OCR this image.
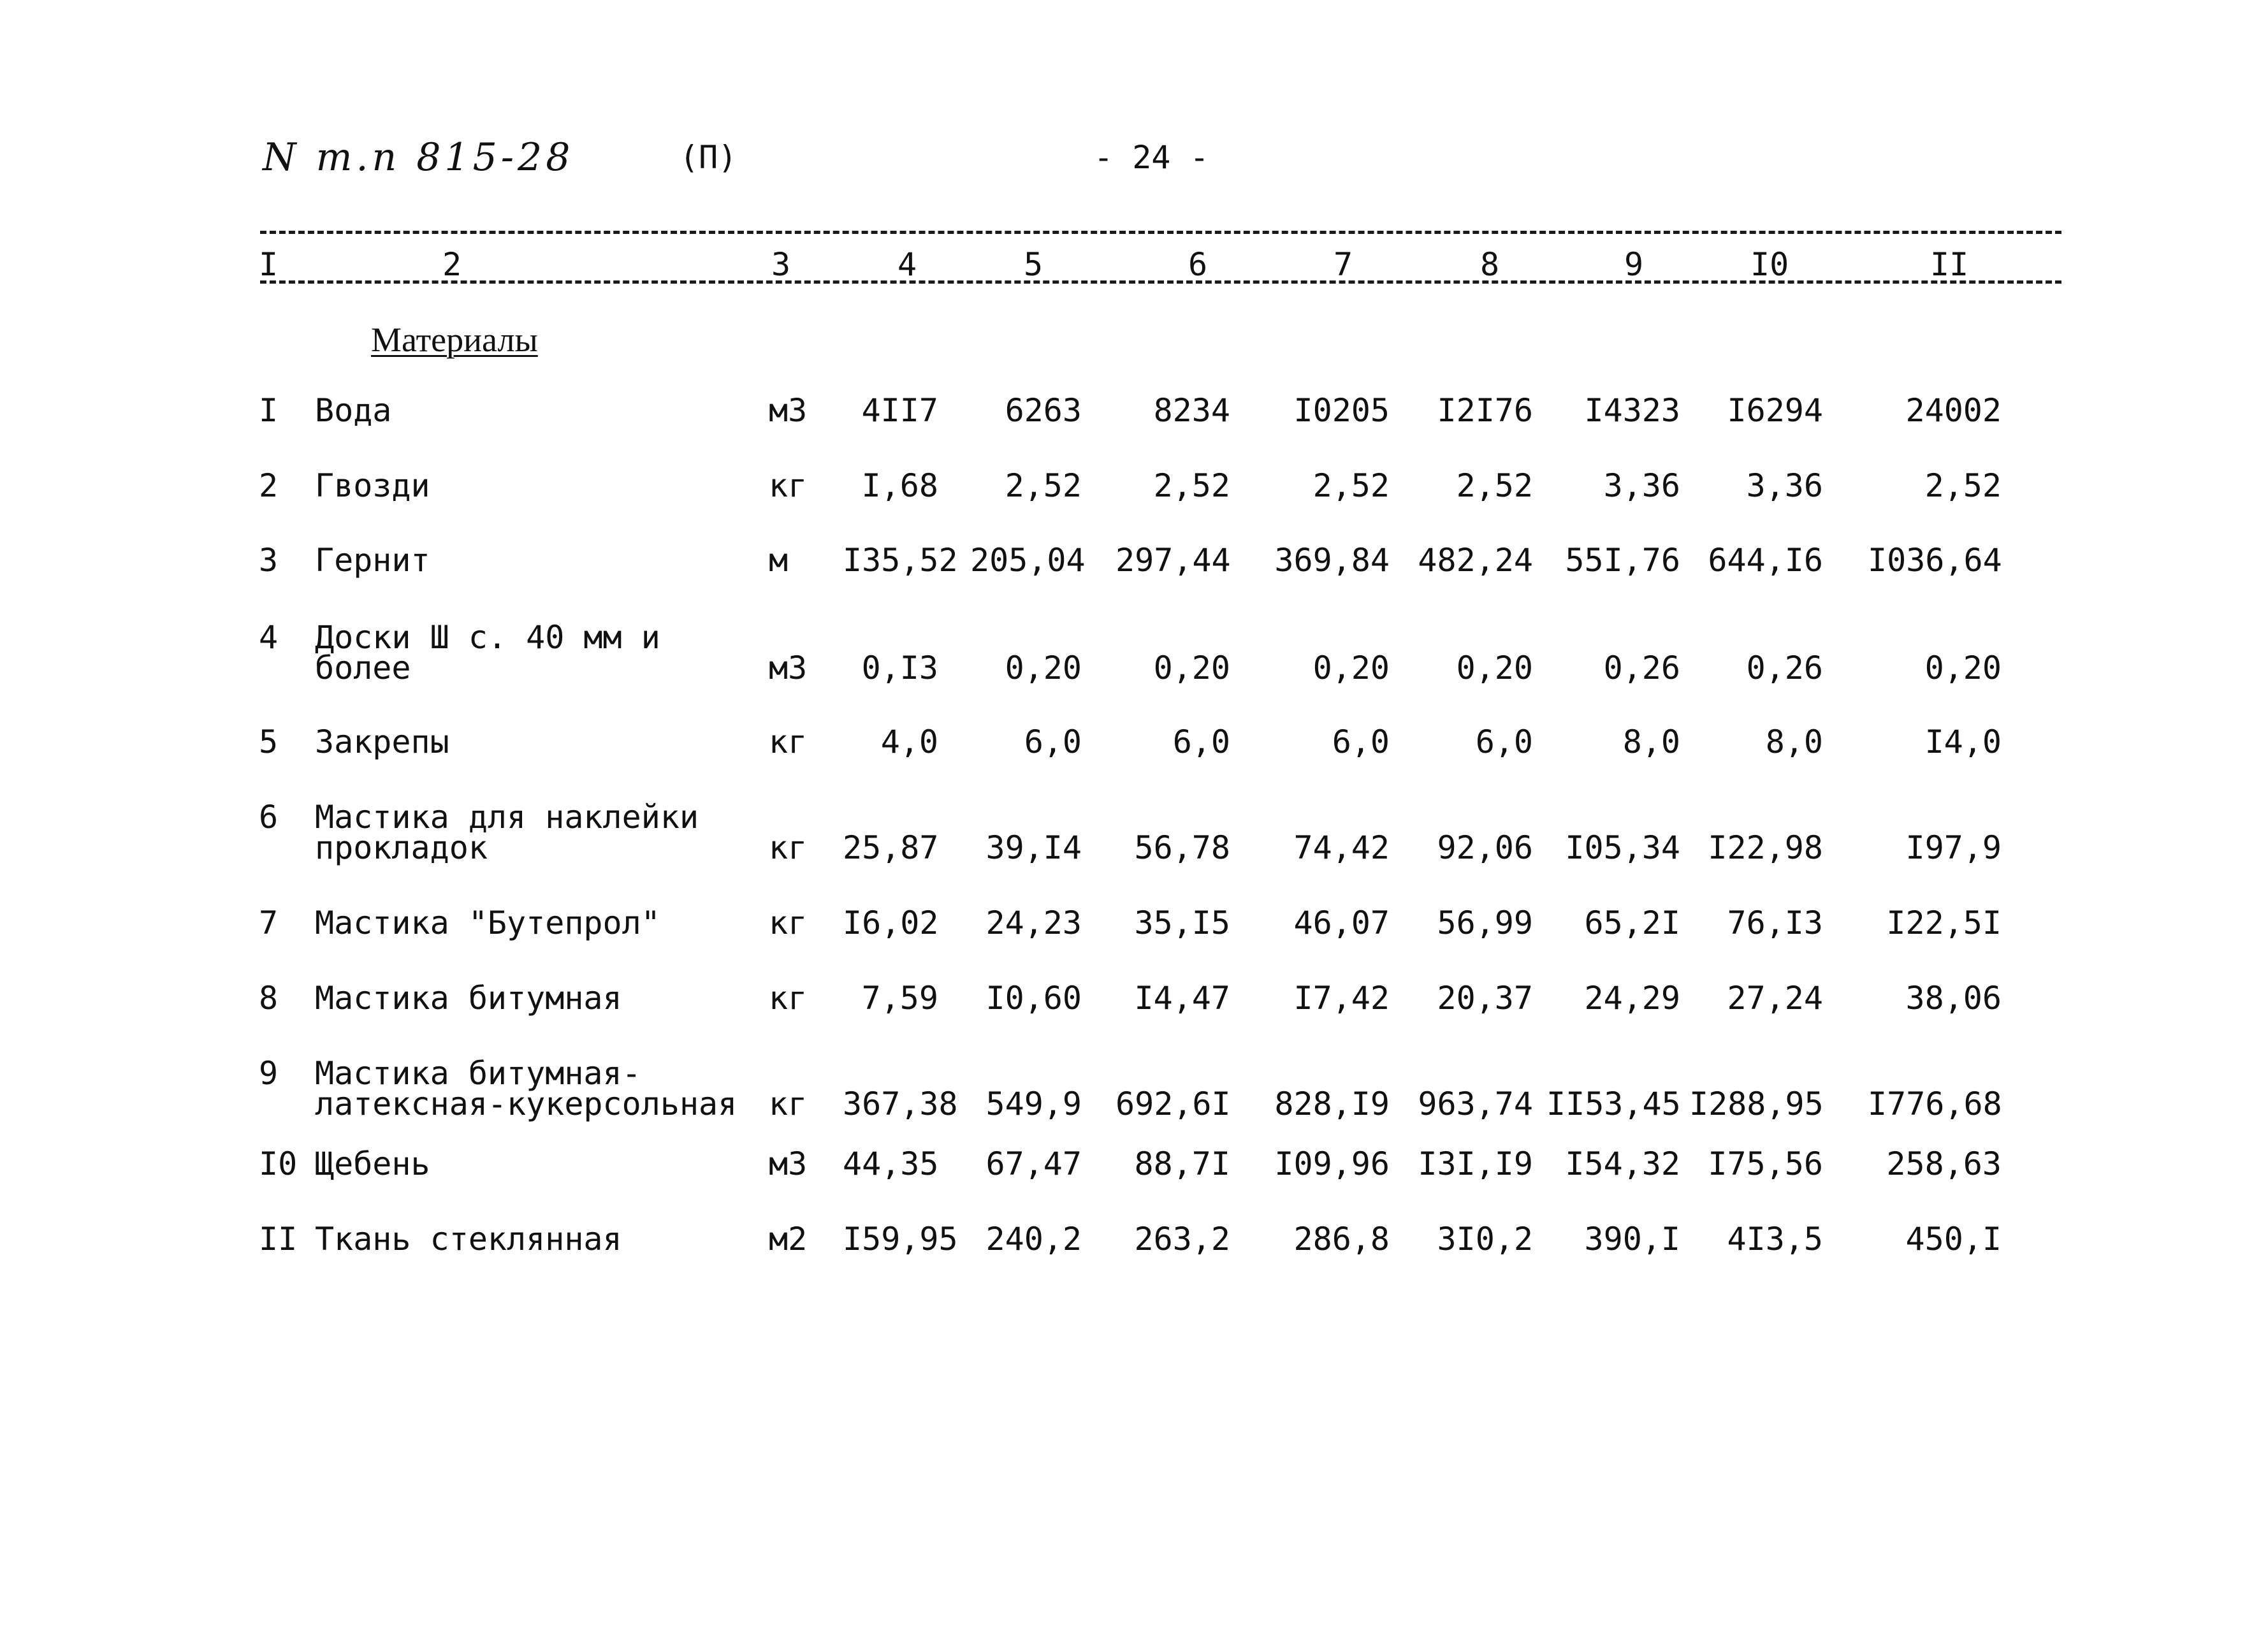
N т.п 815-28	(П)	- 24 -
I	2	3	4	5	6	7	8	9	I0	II
Материалы
I Вода	м3	4II7	6263	8234	I0205	I2I76	I4323	I6294	24002
2 Гвозди	кг	I,68	2,52	2,52	2,52	2,52	3,36	3,36	2,52
3 Гернит	м I35,52 205,04 297,44	369,84 482,24	55I,76 644,I6 I036,64
4 Доски Ш с. 40 мм и
более	м3	0,I3	0,20	0,20	0,20	0,20	0,26	0,26	0,20
5 Закрепы	кг	4,0	6,0	6,0	6,0	6,0	8,0	8,0	I4,0
6 Мастика для наклейки
прокладок	кг 25,87	39,I4	56,78	74,42	92,06	I05,34 I22,98	I97,9
7 Мастика "Бутепрол"	кг I6,02	24,23	35,I5	46,07	56,99	65,2I	76,I3	I22,5I
8 Мастика битумная	кг	7,59	I0,60	I4,47	I7,42	20,37	24,29	27,24	38,06
9 Мастика битумная-
латексная-кукерсольная кг 367,38 549,9 692,6I	828,I9 963,74 II53,45 I288,95 I776,68
I0 Щебень	м3 44,35	67,47	88,7I	I09,96 I3I,I9	I54,32 I75,56	258,63
II Ткань стеклянная	м2 I59,95 240,2	263,2	286,8	3I0,2	390,I	4I3,5	450,I
